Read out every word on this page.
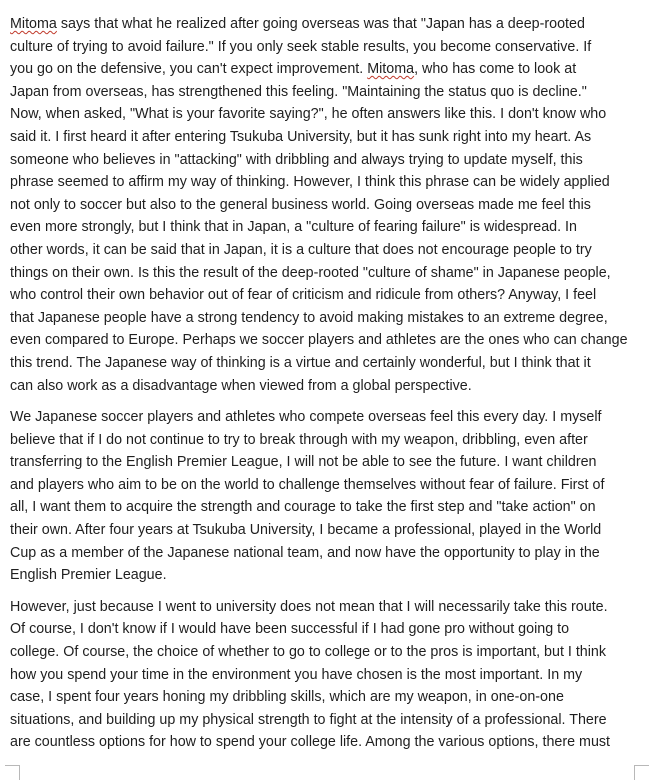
Mitoma says that what he realized after going overseas was that "Japan has a deep-rooted
culture of trying to avoid failure." If you only seek stable results, you become conservative. If
you go on the defensive, you can't expect improvement. Mitoma, who has come to look at
Japan from overseas, has strengthened this feeling. "Maintaining the status quo is decline."
Now, when asked, "What is your favorite saying?", he often answers like this. I don't know who
said it. I first heard it after entering Tsukuba University, but it has sunk right into my heart. As
someone who believes in "attacking" with dribbling and always trying to update myself, this
phrase seemed to affirm my way of thinking. However, I think this phrase can be widely applied
not only to soccer but also to the general business world. Going overseas made me feel this
even more strongly, but I think that in Japan, a "culture of fearing failure" is widespread. In
other words, it can be said that in Japan, it is a culture that does not encourage people to try
things on their own. Is this the result of the deep-rooted "culture of shame" in Japanese people,
who control their own behavior out of fear of criticism and ridicule from others? Anyway, I feel
that Japanese people have a strong tendency to avoid making mistakes to an extreme degree,
even compared to Europe. Perhaps we soccer players and athletes are the ones who can change
this trend. The Japanese way of thinking is a virtue and certainly wonderful, but I think that it
can also work as a disadvantage when viewed from a global perspective.

We Japanese soccer players and athletes who compete overseas feel this every day. I myself
believe that if I do not continue to try to break through with my weapon, dribbling, even after
transferring to the English Premier League, I will not be able to see the future. I want children
and players who aim to be on the world to challenge themselves without fear of failure. First of
all, I want them to acquire the strength and courage to take the first step and "take action" on
their own. After four years at Tsukuba University, I became a professional, played in the World
Cup as a member of the Japanese national team, and now have the opportunity to play in the
English Premier League.

However, just because I went to university does not mean that I will necessarily take this route.
Of course, I don't know if I would have been successful if I had gone pro without going to
college. Of course, the choice of whether to go to college or to the pros is important, but I think
how you spend your time in the environment you have chosen is the most important. In my
case, I spent four years honing my dribbling skills, which are my weapon, in one-on-one
situations, and building up my physical strength to fight at the intensity of a professional. There
are countless options for how to spend your college life. Among the various options, there must
